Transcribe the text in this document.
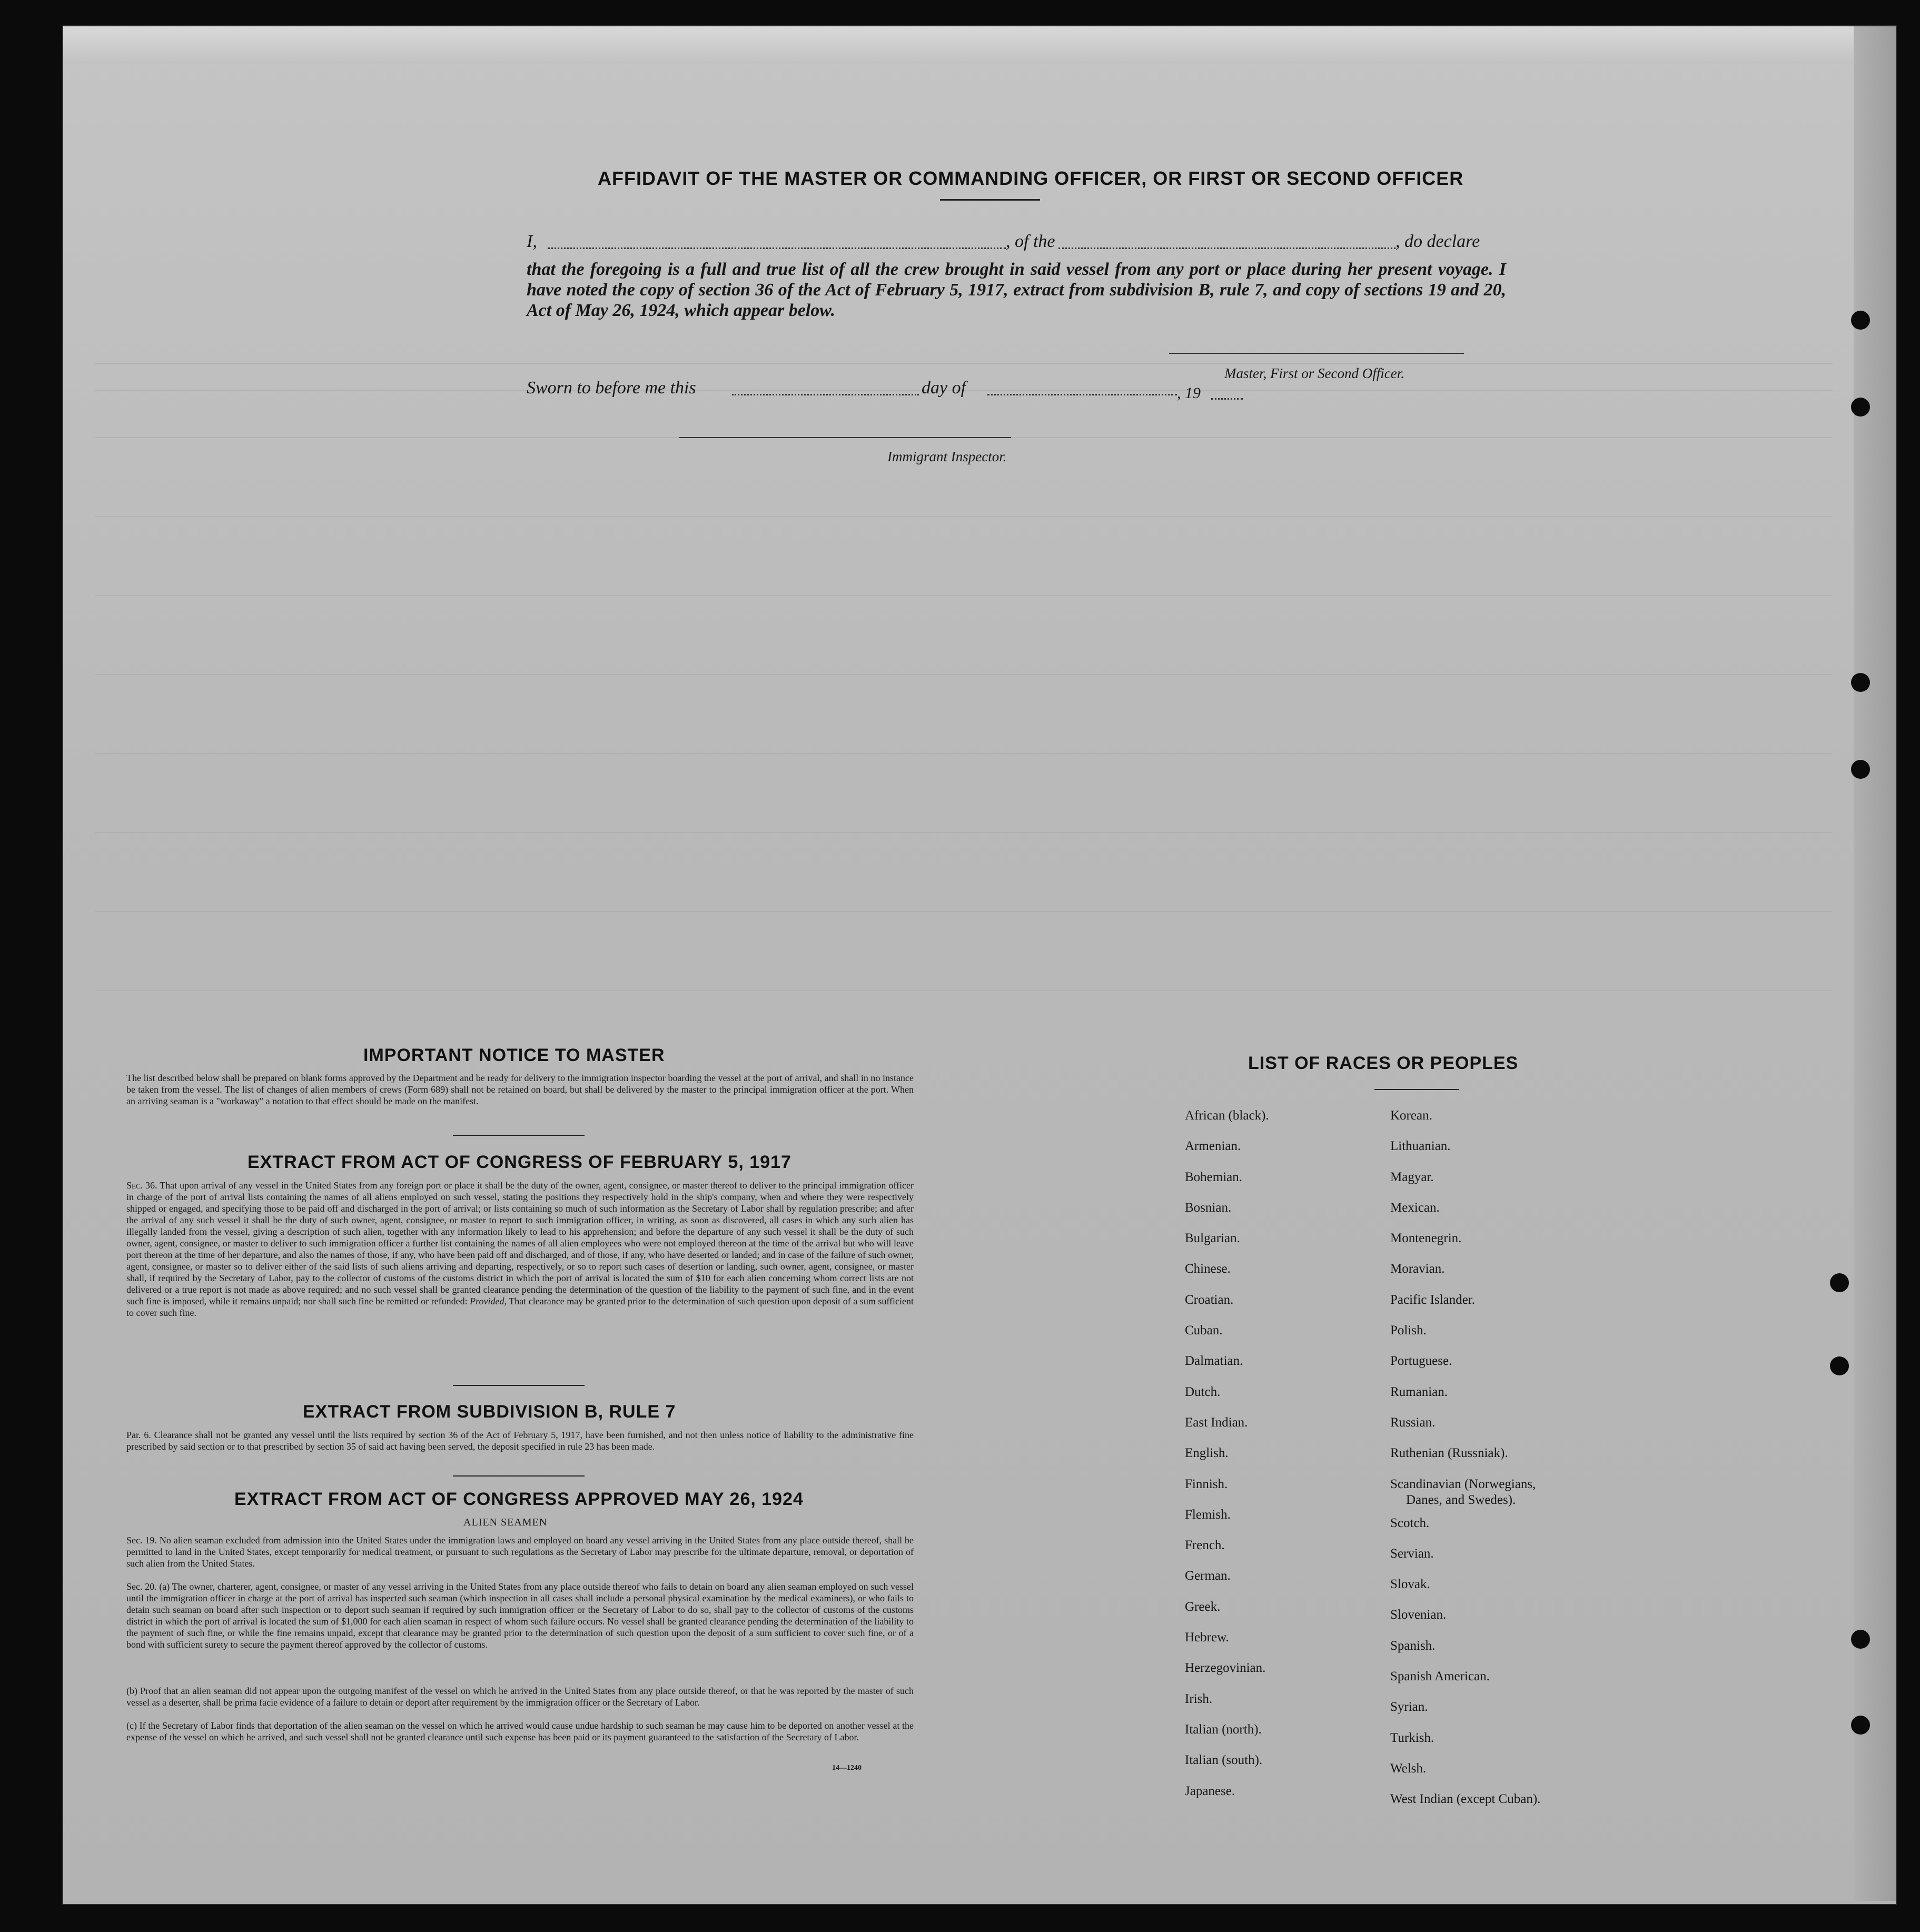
AFFIDAVIT OF THE MASTER OR COMMANDING OFFICER, OR FIRST OR SECOND OFFICER
I,	, of the	, do declare
that the foregoing is a full and true list of all the crew brought in said vessel from any port or place during her present voyage. I have noted the copy of section 36 of the Act of February 5, 1917, extract from subdivision B, rule 7, and copy of sections 19 and 20, Act of May 26, 1924, which appear below.
Master, First or Second Officer.
Sworn to before me this	day of	, 19
Immigrant Inspector.
IMPORTANT NOTICE TO MASTER
The list described below shall be prepared on blank forms approved by the Department and be ready for delivery to the immigration inspector boarding the vessel at the port of arrival, and shall in no instance be taken from the vessel. The list of changes of alien members of crews (Form 689) shall not be retained on board, but shall be delivered by the master to the principal immigration officer at the port. When an arriving seaman is a "workaway" a notation to that effect should be made on the manifest.
EXTRACT FROM ACT OF CONGRESS OF FEBRUARY 5, 1917
Sec. 36. That upon arrival of any vessel in the United States from any foreign port or place it shall be the duty of the owner, agent, consignee, or master thereof to deliver to the principal immigration officer in charge of the port of arrival lists containing the names of all aliens employed on such vessel, stating the positions they respectively hold in the ship's company, when and where they were respectively shipped or engaged, and specifying those to be paid off and discharged in the port of arrival; or lists containing so much of such information as the Secretary of Labor shall by regulation prescribe; and after the arrival of any such vessel it shall be the duty of such owner, agent, consignee, or master to report to such immigration officer, in writing, as soon as discovered, all cases in which any such alien has illegally landed from the vessel, giving a description of such alien, together with any information likely to lead to his apprehension; and before the departure of any such vessel it shall be the duty of such owner, agent, consignee, or master to deliver to such immigration officer a further list containing the names of all alien employees who were not employed thereon at the time of the arrival but who will leave port thereon at the time of her departure, and also the names of those, if any, who have been paid off and discharged, and of those, if any, who have deserted or landed; and in case of the failure of such owner, agent, consignee, or master so to deliver either of the said lists of such aliens arriving and departing, respectively, or so to report such cases of desertion or landing, such owner, agent, consignee, or master shall, if required by the Secretary of Labor, pay to the collector of customs of the customs district in which the port of arrival is located the sum of $10 for each alien concerning whom correct lists are not delivered or a true report is not made as above required; and no such vessel shall be granted clearance pending the determination of the question of the liability to the payment of such fine, and in the event such fine is imposed, while it remains unpaid; nor shall such fine be remitted or refunded: Provided, That clearance may be granted prior to the determination of such question upon deposit of a sum sufficient to cover such fine.
EXTRACT FROM SUBDIVISION B, RULE 7
Par. 6. Clearance shall not be granted any vessel until the lists required by section 36 of the Act of February 5, 1917, have been furnished, and not then unless notice of liability to the administrative fine prescribed by said section or to that prescribed by section 35 of said act having been served, the deposit specified in rule 23 has been made.
EXTRACT FROM ACT OF CONGRESS APPROVED MAY 26, 1924
ALIEN SEAMEN
Sec. 19. No alien seaman excluded from admission into the United States under the immigration laws and employed on board any vessel arriving in the United States from any place outside thereof, shall be permitted to land in the United States, except temporarily for medical treatment, or pursuant to such regulations as the Secretary of Labor may prescribe for the ultimate departure, removal, or deportation of such alien from the United States.
Sec. 20. (a) The owner, charterer, agent, consignee, or master of any vessel arriving in the United States from any place outside thereof who fails to detain on board any alien seaman employed on such vessel until the immigration officer in charge at the port of arrival has inspected such seaman (which inspection in all cases shall include a personal physical examination by the medical examiners), or who fails to detain such seaman on board after such inspection or to deport such seaman if required by such immigration officer or the Secretary of Labor to do so, shall pay to the collector of customs of the customs district in which the port of arrival is located the sum of $1,000 for each alien seaman in respect of whom such failure occurs. No vessel shall be granted clearance pending the determination of the liability to the payment of such fine, or while the fine remains unpaid, except that clearance may be granted prior to the determination of such question upon the deposit of a sum sufficient to cover such fine, or of a bond with sufficient surety to secure the payment thereof approved by the collector of customs.
(b) Proof that an alien seaman did not appear upon the outgoing manifest of the vessel on which he arrived in the United States from any place outside thereof, or that he was reported by the master of such vessel as a deserter, shall be prima facie evidence of a failure to detain or deport after requirement by the immigration officer or the Secretary of Labor.
(c) If the Secretary of Labor finds that deportation of the alien seaman on the vessel on which he arrived would cause undue hardship to such seaman he may cause him to be deported on another vessel at the expense of the vessel on which he arrived, and such vessel shall not be granted clearance until such expense has been paid or its payment guaranteed to the satisfaction of the Secretary of Labor.
14—1240
LIST OF RACES OR PEOPLES
African (black).
Armenian.
Bohemian.
Bosnian.
Bulgarian.
Chinese.
Croatian.
Cuban.
Dalmatian.
Dutch.
East Indian.
English.
Finnish.
Flemish.
French.
German.
Greek.
Hebrew.
Herzegovinian.
Irish.
Italian (north).
Italian (south).
Japanese.
Korean.
Lithuanian.
Magyar.
Mexican.
Montenegrin.
Moravian.
Pacific Islander.
Polish.
Portuguese.
Rumanian.
Russian.
Ruthenian (Russniak).
Scandinavian (Norwegians,
Danes, and Swedes).
Scotch.
Servian.
Slovak.
Slovenian.
Spanish.
Spanish American.
Syrian.
Turkish.
Welsh.
West Indian (except Cuban).
